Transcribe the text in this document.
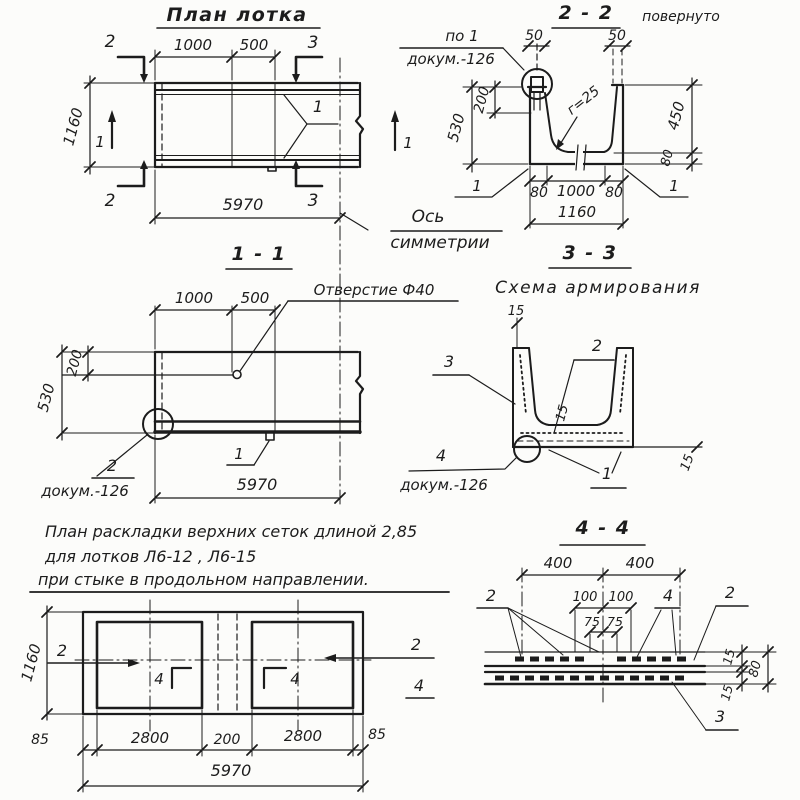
Ось
симметрии
План лотка
1
1000 500
1160
5970
2	3
2	3
1	1
2 - 2 повернуто
по 1
докум.-126
г=25
50	50
200
530	450
80
80 1000 80
1160
1	1
1 - 1
Отверстие Ф40
1000 500
530
200
5970
2
докум.-126
1
3 - 3
Схема армирования
15
15
15
3
2
4
докум.-126
1
План раскладки верхних сеток длиной 2,85
для лотков Л6-12 , Л6-15
при стыке в продольном направлении.
2	2
4
4	4
1160
85	2800	200	2800	85
5970
4 - 4
400	400
100 100
75 75
15
80
15
2	4	2
3
